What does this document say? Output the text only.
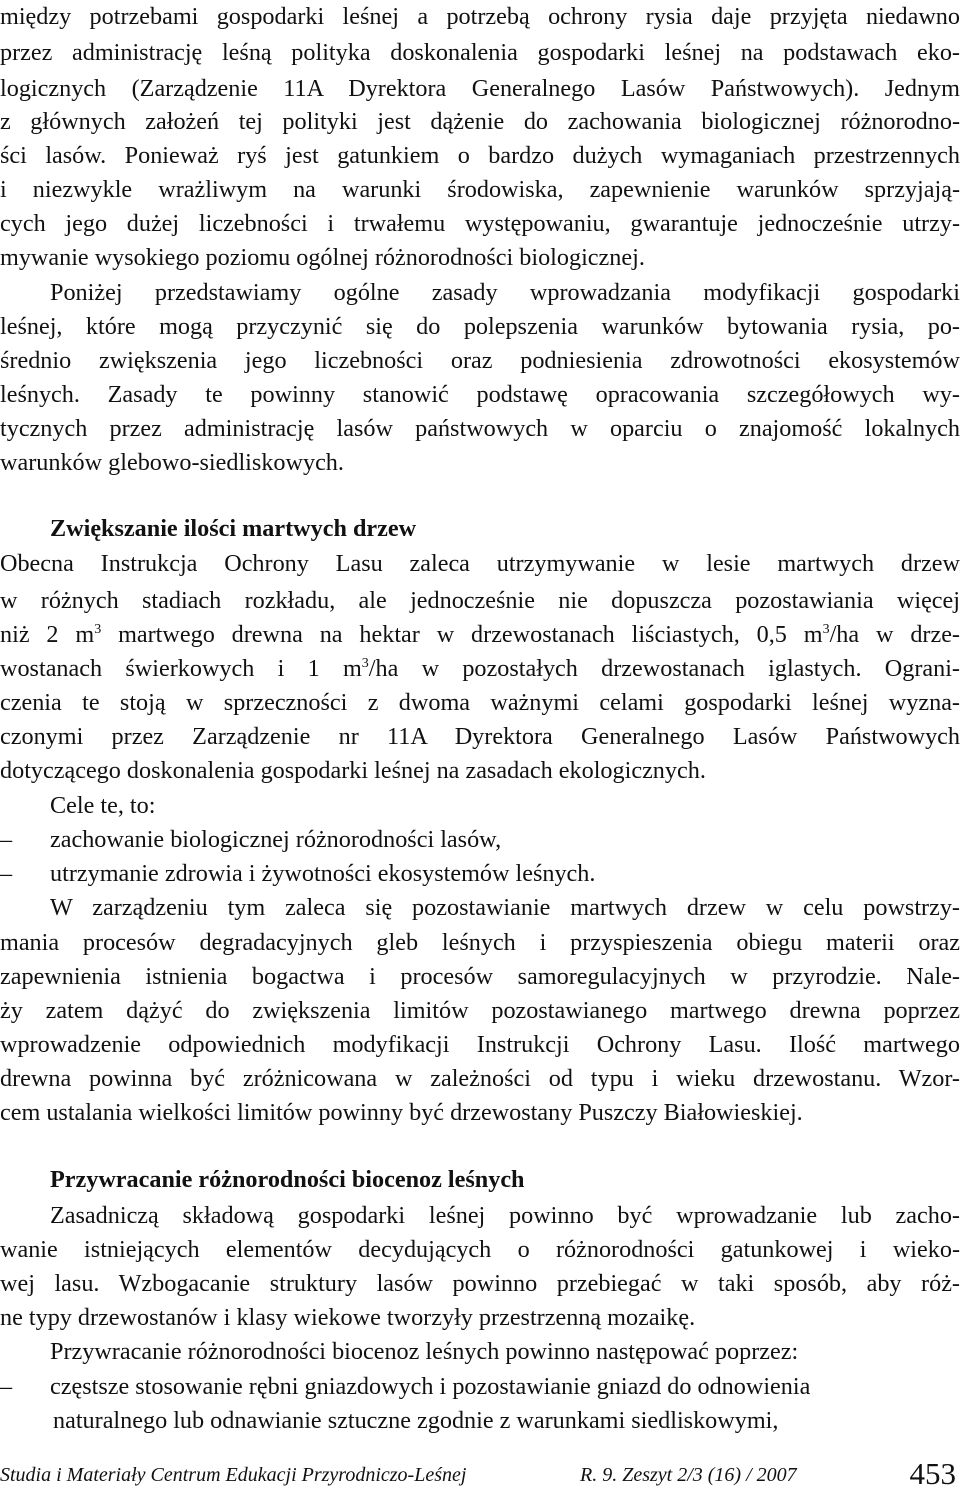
między potrzebami gospodarki leśnej a potrzebą ochrony rysia daje przyjęta niedawno
przez administrację leśną polityka doskonalenia gospodarki leśnej na podstawach eko-
logicznych (Zarządzenie 11A Dyrektora Generalnego Lasów Państwowych). Jednym
z głównych założeń tej polityki jest dążenie do zachowania biologicznej różnorodno-
ści lasów. Ponieważ ryś jest gatunkiem o bardzo dużych wymaganiach przestrzennych
i niezwykle wrażliwym na warunki środowiska, zapewnienie warunków sprzyjają-
cych jego dużej liczebności i trwałemu występowaniu, gwarantuje jednocześnie utrzy-
mywanie wysokiego poziomu ogólnej różnorodności biologicznej.
Poniżej przedstawiamy ogólne zasady wprowadzania modyfikacji gospodarki
leśnej, które mogą przyczynić się do polepszenia warunków bytowania rysia, po-
średnio zwiększenia jego liczebności oraz podniesienia zdrowotności ekosystemów
leśnych. Zasady te powinny stanowić podstawę opracowania szczegółowych wy-
tycznych przez administrację lasów państwowych w oparciu o znajomość lokalnych
warunków glebowo-siedliskowych.
Zwiększanie ilości martwych drzew
Obecna Instrukcja Ochrony Lasu zaleca utrzymywanie w lesie martwych drzew
w różnych stadiach rozkładu, ale jednocześnie nie dopuszcza pozostawiania więcej
niż 2 $m^3$ martwego drewna na hektar w drzewostanach liściastych, 0,5 $m^3/ha$ w drze-
wostanach świerkowych i 1 $m^3/ha$ w pozostałych drzewostanach iglastych. Ograni-
czenia te stoją w sprzeczności z dwoma ważnymi celami gospodarki leśnej wyzna-
czonymi przez Zarządzenie nr 11A Dyrektora Generalnego Lasów Państwowych
dotyczącego doskonalenia gospodarki leśnej na zasadach ekologicznych.
Cele te, to:
–	zachowanie biologicznej różnorodności lasów,
–	utrzymanie zdrowia i żywotności ekosystemów leśnych.
W zarządzeniu tym zaleca się pozostawianie martwych drzew w celu powstrzy-
mania procesów degradacyjnych gleb leśnych i przyspieszenia obiegu materii oraz
zapewnienia istnienia bogactwa i procesów samoregulacyjnych w przyrodzie. Nale-
ży zatem dążyć do zwiększenia limitów pozostawianego martwego drewna poprzez
wprowadzenie odpowiednich modyfikacji Instrukcji Ochrony Lasu. Ilość martwego
drewna powinna być zróżnicowana w zależności od typu i wieku drzewostanu. Wzor-
cem ustalania wielkości limitów powinny być drzewostany Puszczy Białowieskiej.
Przywracanie różnorodności biocenoz leśnych
Zasadniczą składową gospodarki leśnej powinno być wprowadzanie lub zacho-
wanie istniejących elementów decydujących o różnorodności gatunkowej i wieko-
wej lasu. Wzbogacanie struktury lasów powinno przebiegać w taki sposób, aby róż-
ne typy drzewostanów i klasy wiekowe tworzyły przestrzenną mozaikę.
Przywracanie różnorodności biocenoz leśnych powinno następować poprzez:
–	częstsze stosowanie rębni gniazdowych i pozostawianie gniazd do odnowienia
naturalnego lub odnawianie sztuczne zgodnie z warunkami siedliskowymi,
Studia i Materiały Centrum Edukacji Przyrodniczo-Leśnej	R. 9. Zeszyt 2/3 (16) / 2007	453
